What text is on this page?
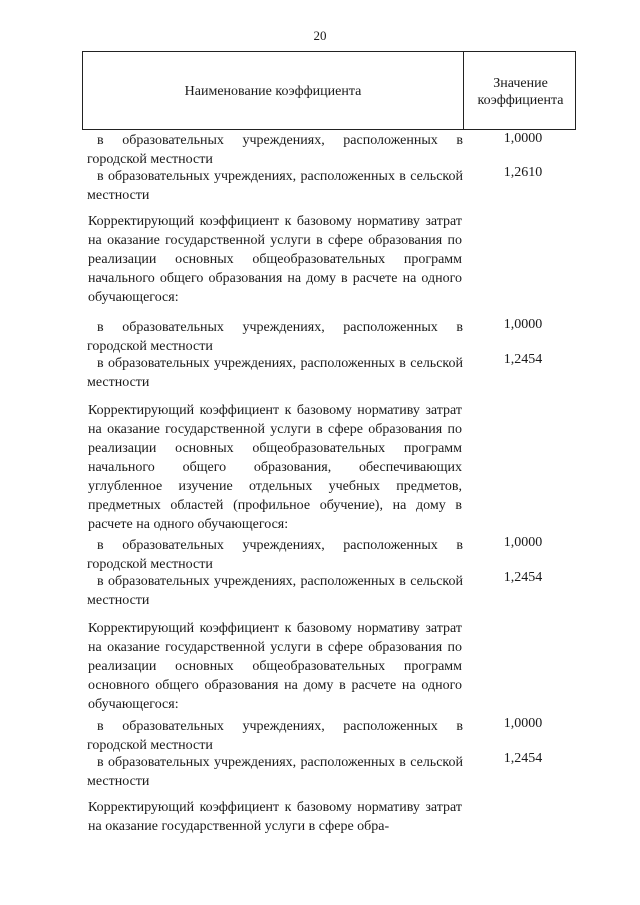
20
Наименование коэффициента
Значение
коэффициента
в образовательных учреждениях, расположенных в городской местности
1,0000
в образовательных учреждениях, расположенных в сельской местности
1,2610
Корректирующий коэффициент к базовому нормативу затрат на оказание государственной услуги в сфере образования по реализации основных общеобразовательных программ начального общего образования на дому в расчете на одного обучающегося:
в образовательных учреждениях, расположенных в городской местности
1,0000
в образовательных учреждениях, расположенных в сельской местности
1,2454
Корректирующий коэффициент к базовому нормативу затрат на оказание государственной услуги в сфере образования по реализации основных общеобразовательных программ начального общего образования, обеспечивающих углубленное изучение отдельных учебных предметов, предметных областей (профильное обучение), на дому в расчете на одного обучающегося:
в образовательных учреждениях, расположенных в городской местности
1,0000
в образовательных учреждениях, расположенных в сельской местности
1,2454
Корректирующий коэффициент к базовому нормативу затрат на оказание государственной услуги в сфере образования по реализации основных общеобразовательных программ основного общего образования на дому в расчете на одного обучающегося:
в образовательных учреждениях, расположенных в городской местности
1,0000
в образовательных учреждениях, расположенных в сельской местности
1,2454
Корректирующий коэффициент к базовому нормативу затрат на оказание государственной услуги в сфере обра-
